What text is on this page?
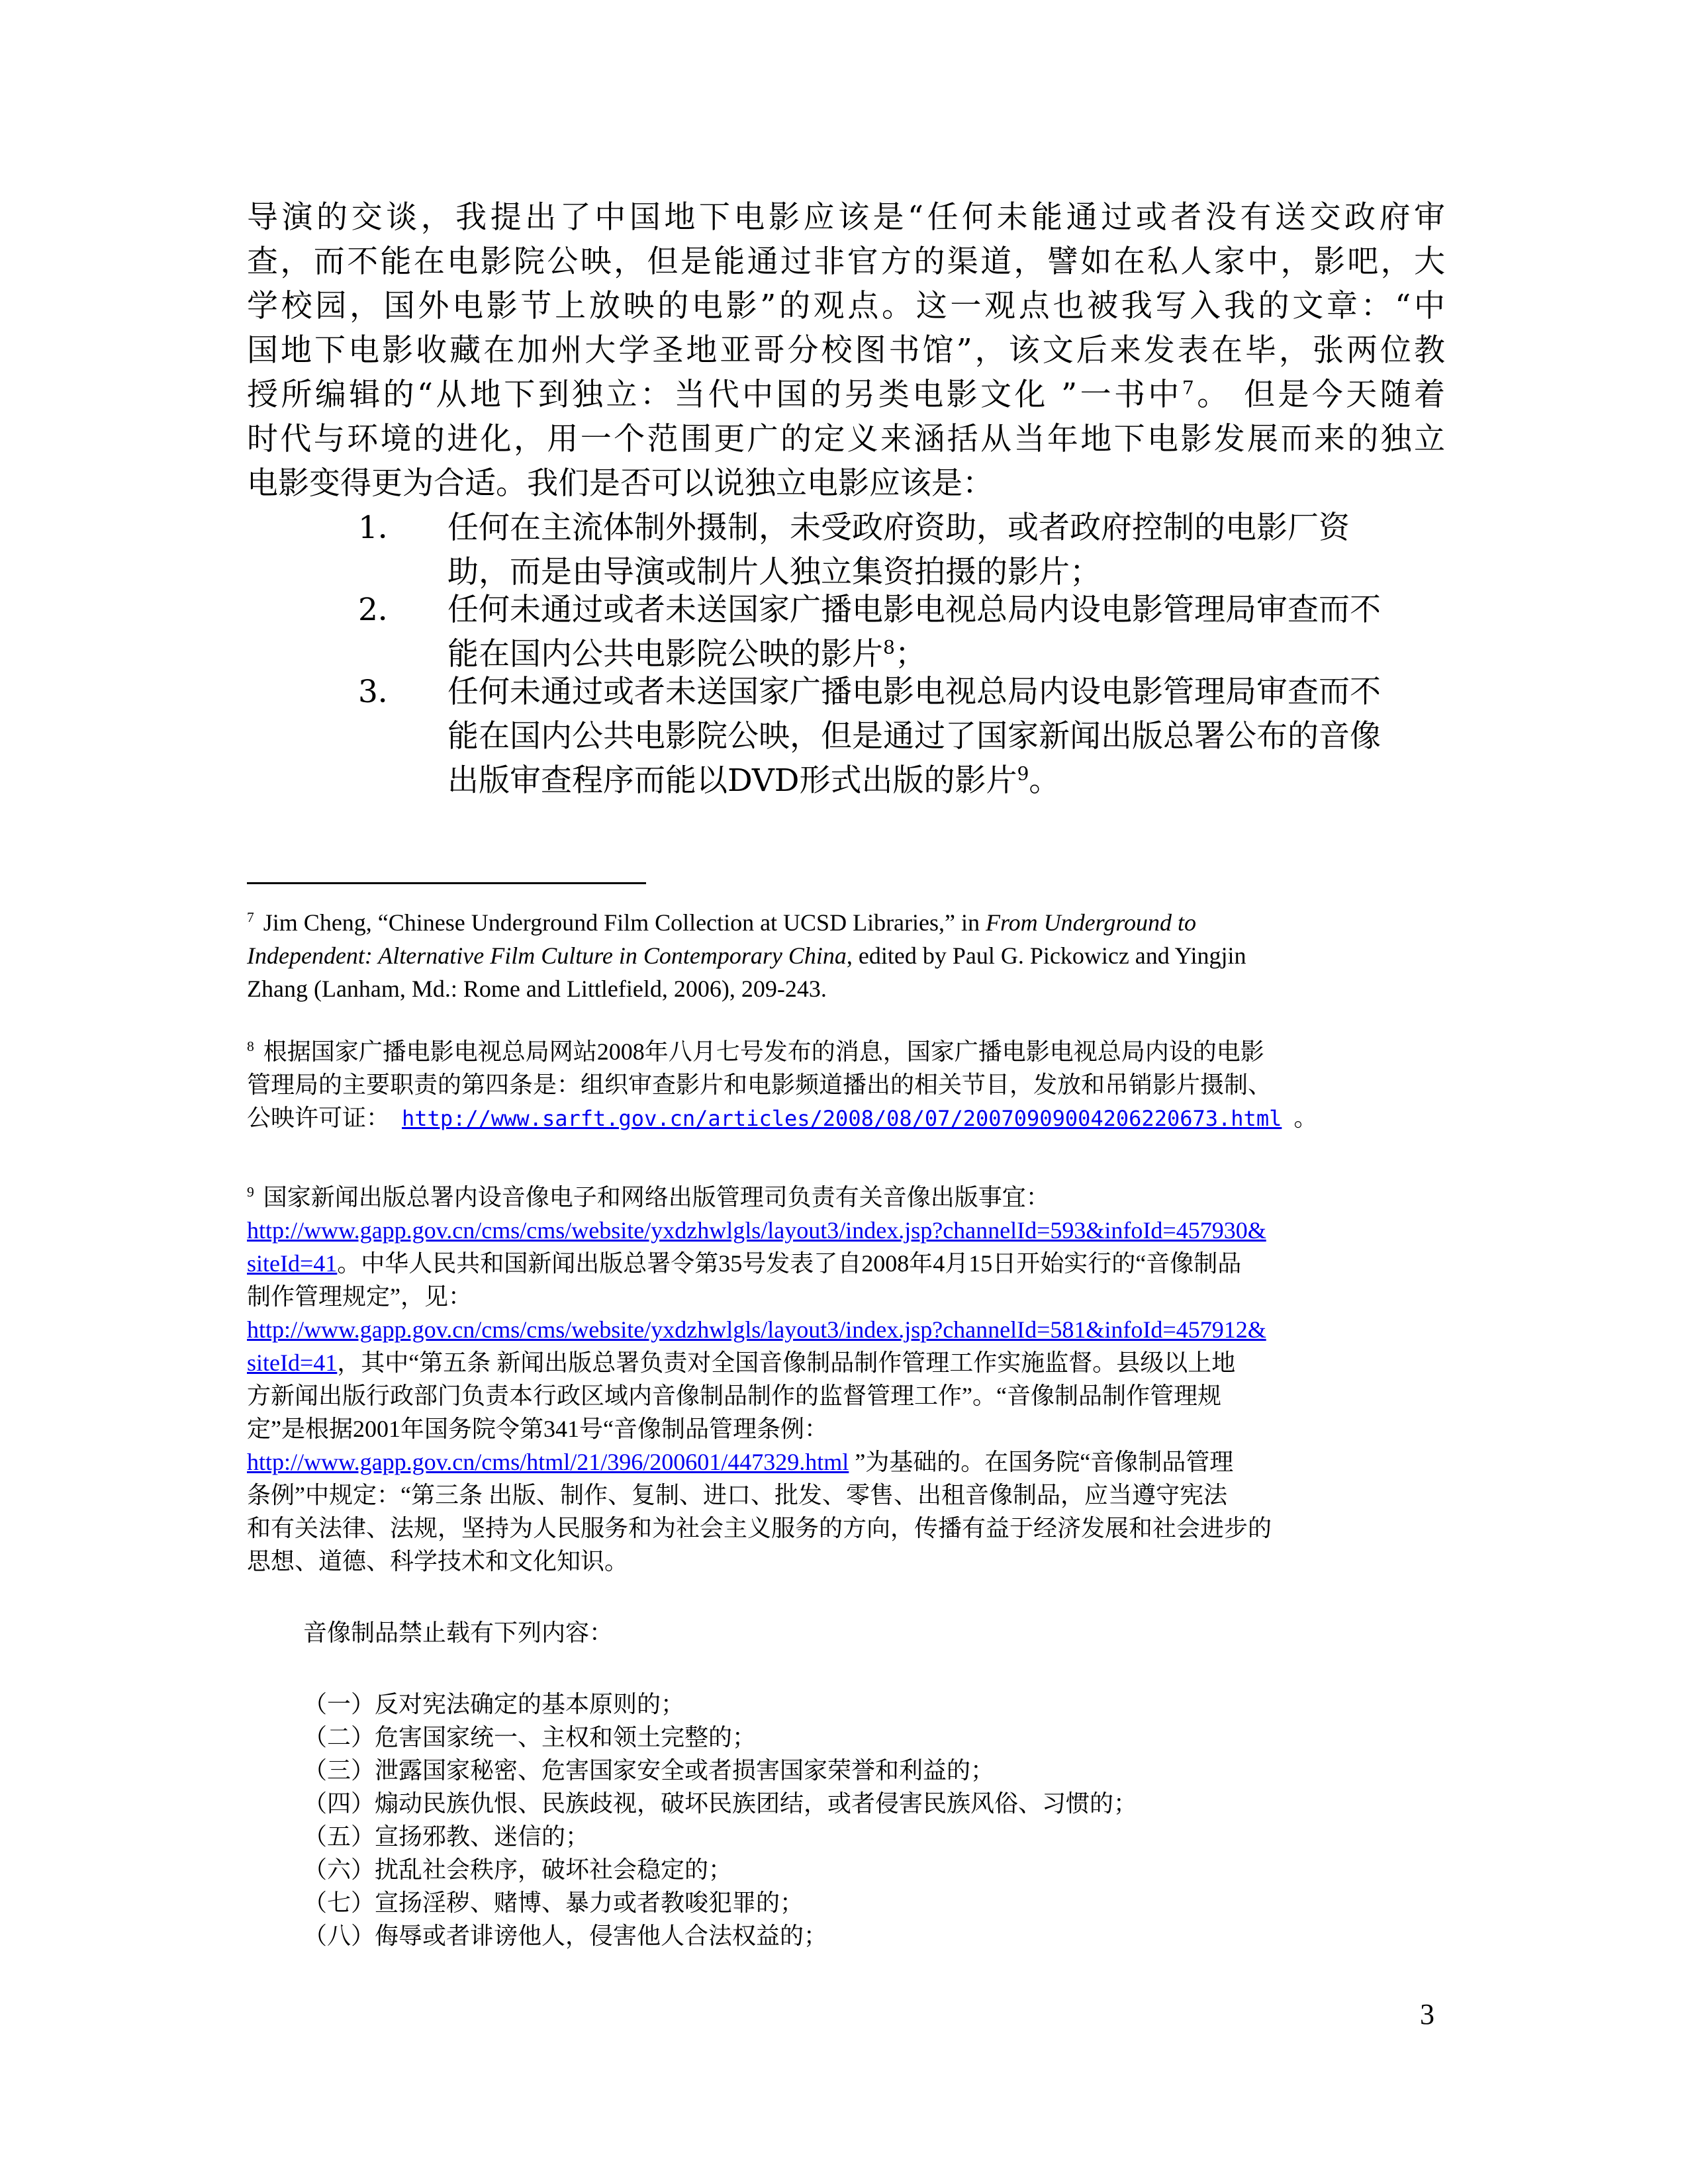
导演的交谈，我提出了中国地下电影应该是“任何未能通过或者没有送交政府审
查，而不能在电影院公映，但是能通过非官方的渠道，譬如在私人家中，影吧，大
学校园，国外电影节上放映的电影”的观点。这一观点也被我写入我的文章：“中
国地下电影收藏在加州大学圣地亚哥分校图书馆”，该文后来发表在毕，张两位教
授所编辑的“从地下到独立：当代中国的另类电影文化 ”一书中$^7$。 但是今天随着
时代与环境的进化，用一个范围更广的定义来涵括从当年地下电影发展而来的独立
电影变得更为合适。我们是否可以说独立电影应该是：
1． 任何在主流体制外摄制，未受政府资助，或者政府控制的电影厂资
助，而是由导演或制片人独立集资拍摄的影片；
2． 任何未通过或者未送国家广播电影电视总局内设电影管理局审查而不
能在国内公共电影院公映的影片$^8$；
3． 任何未通过或者未送国家广播电影电视总局内设电影管理局审查而不
能在国内公共电影院公映，但是通过了国家新闻出版总署公布的音像
出版审查程序而能以DVD形式出版的影片$^9$。
$^7$ Jim Cheng, “Chinese Underground Film Collection at UCSD Libraries,” in From Underground to
Independent: Alternative Film Culture in Contemporary China, edited by Paul G. Pickowicz and Yingjin
Zhang (Lanham, Md.: Rome and Littlefield, 2006), 209-243.
$^8$ 根据国家广播电影电视总局网站2008年八月七号发布的消息，国家广播电影电视总局内设的电影
管理局的主要职责的第四条是：组织审查影片和电影频道播出的相关节目，发放和吊销影片摄制、
公映许可证： http://www.sarft.gov.cn/articles/2008/08/07/20070909004206220673.html 。
$^9$ 国家新闻出版总署内设音像电子和网络出版管理司负责有关音像出版事宜：
http://www.gapp.gov.cn/cms/cms/website/yxdzhwlgls/layout3/index.jsp?channelId=593&infoId=457930&
siteId=41。中华人民共和国新闻出版总署令第35号发表了自2008年4月15日开始实行的“音像制品
制作管理规定”，见：
http://www.gapp.gov.cn/cms/cms/website/yxdzhwlgls/layout3/index.jsp?channelId=581&infoId=457912&
siteId=41，其中“第五条 新闻出版总署负责对全国音像制品制作管理工作实施监督。县级以上地
方新闻出版行政部门负责本行政区域内音像制品制作的监督管理工作”。“音像制品制作管理规
定”是根据2001年国务院令第341号“音像制品管理条例：
http://www.gapp.gov.cn/cms/html/21/396/200601/447329.html ”为基础的。在国务院“音像制品管理
条例”中规定：“第三条 出版、制作、复制、进口、批发、零售、出租音像制品，应当遵守宪法
和有关法律、法规，坚持为人民服务和为社会主义服务的方向，传播有益于经济发展和社会进步的
思想、道德、科学技术和文化知识。
音像制品禁止载有下列内容：
（一）反对宪法确定的基本原则的；
（二）危害国家统一、主权和领土完整的；
（三）泄露国家秘密、危害国家安全或者损害国家荣誉和利益的；
（四）煽动民族仇恨、民族歧视，破坏民族团结，或者侵害民族风俗、习惯的；
（五）宣扬邪教、迷信的；
（六）扰乱社会秩序，破坏社会稳定的；
（七）宣扬淫秽、赌博、暴力或者教唆犯罪的；
（八）侮辱或者诽谤他人，侵害他人合法权益的；
3
